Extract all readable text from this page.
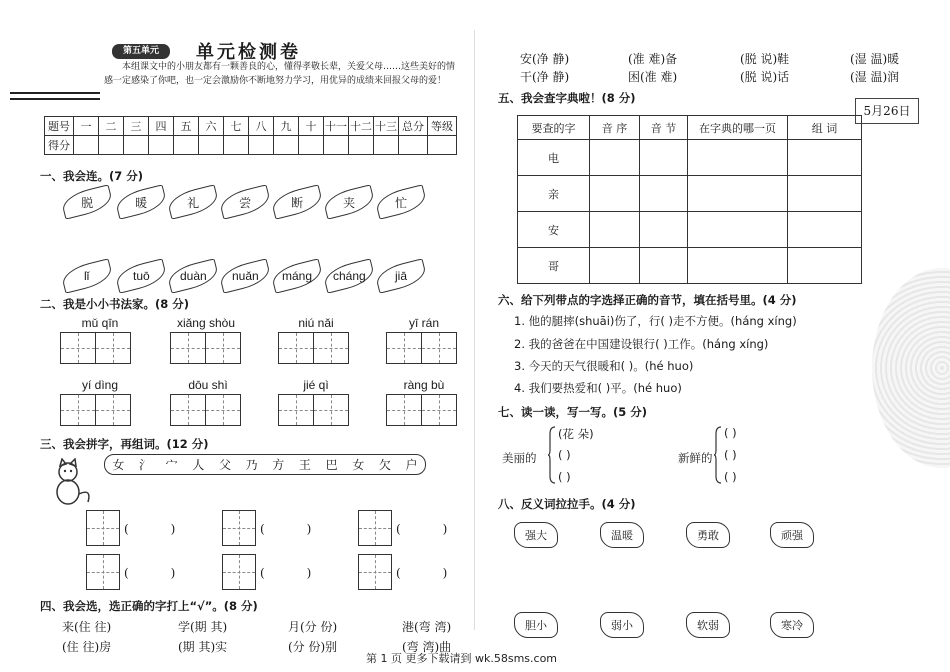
第五单元	单元检测卷
本组课文中的小朋友都有一颗善良的心，懂得孝敬长辈，关爱父母……这些美好的情感一定感染了你吧，也一定会激励你不断地努力学习，用优异的成绩来回报父母的爱！
题号	一	二	三	四	五	六	七	八	九	十	十一	十二	十三	总分	等级
得分															
一、我会连。(7 分)
脱	暖	礼	尝	断	夹	忙
lǐ	tuō	duàn nuǎn máng cháng jiā
二、我是小小书法家。(8 分)
mǔ qīn	xiǎng shòu	niú nǎi	yī rán
yí dìng	dōu shì	jié qì	ràng bù
三、我会拼字，再组词。(12 分)
女 氵 宀 人 父 乃 方 王 巴 女 欠 户
(           )	(           )	(           )
(           )	(           )	(           )
四、我会选，选正确的字打上“√”。(8 分)
来(住 往)	学(期 其)	月(分 份)	港(弯 湾)
(住 往)房	(期 其)实	(分 份)别	(弯 湾)曲
安(净 静)	(准 难)备	(脱 说)鞋	(湿 温)暖
干(净 静)	困(准 难)	(脱 说)话	(湿 温)润
五、我会查字典啦！(8 分)
5月26日
要查的字	音 序	音 节	在字典的哪一页	组 词
电				
亲				
安				
哥				
六、给下列带点的字选择正确的音节，填在括号里。(4 分)
1. 他的腿摔(shuāi)伤了，行( )走不方便。(háng xíng)
2. 我的爸爸在中国建设银行( )工作。(háng xíng)
3. 今天的天气很暖和( )。(hé huo)
4. 我们要热爱和( )平。(hé huo)
七、读一读，写一写。(5 分)
美丽的
(花 朵)
( )
( )
新鲜的
( )
( )
( )
八、反义词拉拉手。(4 分)
强大	温暖	勇敢	顽强
胆小	弱小	软弱	寒冷
第 1 页 更多下载请到 wk.58sms.com
